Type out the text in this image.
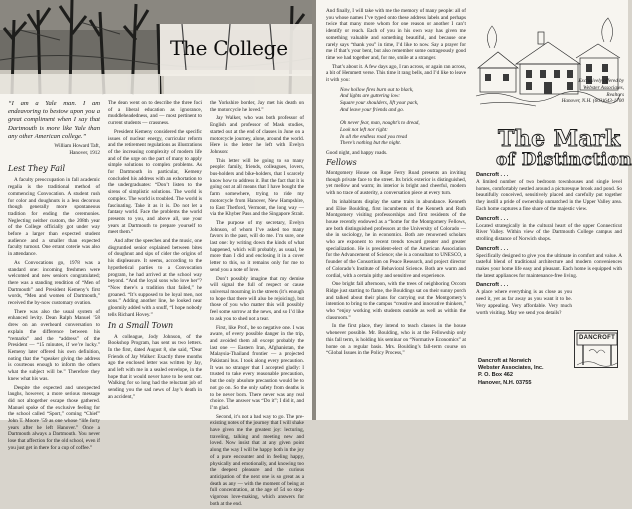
The College
“I am a Yale man. I am endeavoring to bestow upon you a great compliment when I say that Dartmouth is more like Yale than any other American college.”
William Howard Taft,
Hanover, 1912
Lest They Fail

A faculty preoccupation in fall academic regalia is the traditional method of commencing Convocation. A student rush for color and doughnuts is a less decorous though generally more spontaneous tradition for ending the ceremonies. Neglecting neither custom, the 208th year of the College officially got under way before a larger than expected student audience and a smaller than expected faculty turnout. One errant coterie was also in attendance.

As Convocations go, 1978 was a standard one: incoming freshmen were welcomed and new seniors congratulated; there was a standing rendition of “Men of Dartmouth” and President Kemeny’s first words, “Men and women of Dartmouth,” received the by-now customary ovation.

There was also the usual system of enhanced levity. Dean Ralph Manuel ’58 drew on an overheard conversation to explain the difference between his “remarks” and the “address” of the President — “15 minutes, if we’re lucky.” Kemeny later offered his own definition, noting that the “speaker giving the address is courteous enough to inform the others what the subject will be.” Therefore they knew what his was.

Despite the expected and unexpected laughs, however, a more serious message did not altogether escape those gathered. Manuel spoke of the exclusive feeling for the school called “Sport,” coming “Chief” John T. Moore ’59 as one whose “life forty years after he left Hanover.” Once a Dartmouth always a Dartmouth. You never lose that affection for the old school, even if you just get in there for a cup of coffee.”

The dean went on to describe the three foci of a liberal education as ignorance, muddleheadedness, and — most pertinent to current students — crassness.

President Kemeny considered the specific issues of nuclear energy, curricular reform and the retirement regulations as illustrations of the increasing complexity of modern life and of the urge on the part of many to apply simple solutions to complex problems. As for Dartmouth in particular, Kemeny concluded his address with an exhortation to the undergraduates: “Don’t listen to the sirens of simplistic solutions. The world is complex. The world is troubled. The world is fascinating. Take it as it is. Do not let a fantasy world. Face the problems the world presents to you, and above all, use your years at Dartmouth to prepare yourself to meet them.”

And after the speeches and the music, one disgruntled senior explained between bites of doughnut and sips of cider the origins of his displeasure. It seems, according to the hypothetical parties to a Convocation program, he had arrived at the school way beyond. “And the loyal sons who love her”? “Now there’s a tradition that failed,” he groaned. “It’s supposed to be loyal men, not sons.” Adding another line, he looked near gloomily added with a snuff, “I hope nobody tells Richard Hovey.”

In a Small Town

A colleague, Jody Johnson, of the Bookshop Program, has sent us two letters. In the first, dated August 8, she said, “Dear Friends of Jay Walker: Exactly three months ago the enclosed letter was written by Jay, and left with me in a sealed envelope, in the hope that it would never have to be sent out. Walking for so long had the reluctant job of sending you the sad news of Jay’s death in an accident,”

the Yorkshire border, Jay met his death on the motorcycle he loved.”

Jay Walker, who was both professor of English and professor of Mask studies, started out at the end of classes in June on a motorcycle journey, alone, around the world. Here is the letter he left with Evelyn Johnson:

This letter will be going to so many people: family, friends, colleagues, lovers, bus-holders and bike-holders, that I scarcely know how to address it. But the fact that it is going out at all means that I have bought the farm somewhere, trying to ride my motorcycle from Hanover, New Hampshire, to East Thetford, Vermont, the long way — via the Khyber Pass and the Singapore Strait.

The purpose of my secretary, Evelyn Johnson, of whom I’ve asked too many favors in the past, will do me. I’m sure, one last one: by writing down the kinds of what happened, which will probably, as usual, be more than I did and enclosing it in a cover letter to this, so it remains only for me to send you a note of love.

Don’t possibly imagine that my demise will signal the full of respect or cause universal mourning in the streets (it’s enough to hope that there will also be rejoicing), but those of you who matter this will possibly feel some sorrow at the news, and so I’d like to ask you to shed not a tear.

First, like Prof., be so negative one. I was aware, of every possible danger in the trip, and avoided them all except probably the last one — Eastern Iran, Afghanistan, the Malaysia-Thailand frontier — a projected Pakistani bus. I took along every precaution. It was no stranger that I accepted gladly: I trusted to take every reasonable precaution, but the only absolute precaution would be to not go on. So the only safety from deaths is to be never born. There never was any real choice. The answer was “Do it”; I did it, and I’m glad.

Second, it’s not a bad way to go. The pre-existing notes of the journey that I will shake have given me the greatest joy: lecturing, traveling, talking and meeting new and loved. Now insist that at any given point along the way I will be happy both in the joy of a pure encounter and in feeling happy, physically and emotionally, and knowing too the deepest pleasure and the curious anticipation of the next one is so great as a death as any — with the moment of being at full concentration, at the age of 54 so stop-vigorous love-making, which answers for both at the end.

And finally, I will take with me the memory of many people: all of you whose names I’ve typed onto these address labels and perhaps twice that many more whom for one reason or another I can’t identify or reach. Each of you in his own way has given me something valuable and something beautiful, and because one rarely says “thank you” in time, I’d like to now. Say a prayer for me if that’s your bent, but also remember some outrageously good time we had together and, for me, smile at a stranger.

That’s about it. A few days ago, I ran across, or again ran across, a bit of Hemmett verse. This time it rang bells, and I’d like to leave it with you:

Now hollow fires burn out to black,
And lights are guttering low:
Square your shoulders, lift your pack,
And leave your friends and go.

Oh never fear, man, nought’s to dread,
Look not left nor right:
In all the endless road you tread
There’s nothing but the night.

Good night, and happy roads.

Fellows

Montgomery House on Rope Ferry Road presents an inviting though private face to the street. Its brick exterior is distinguished, yet mellow and warm; its interior is bright and cheerful, modern with no trace of austerity, a conversation piece at every turn.

Its inhabitants display the same traits in abundance. Kenneth and Elise Boulding, first incumbents of the Kenneth and Ruth Montgomery visiting professorships and first residents of the house recently endowed as a “home for the Montgomery Fellows, are both distinguished professors at the University of Colorado — she in sociology, he in economics. Both are renowned scholars who are exponent to recent trends toward greater and greater specialization. He is president-elect of the American Association for the Advancement of Science; she is a consultant to UNESCO, a founder of the Consortium on Peace Research, and project director of Colorado’s Institute of Behavioral Science. Both are warm and cordial, with a certain pithy and sensitive and experience.

One bright fall afternoon, with the trees of neighboring Occom Ridge just starting to flame, the Bouldings sat on their sunny porch and talked about their plans for carrying out the Montgomery’s intention to bring to the campus “creative and innovative thinkers,” who “enjoy working with students outside as well as within the classroom.”

In the first place, they intend to teach classes in the house whenever possible. Mr. Boulding, who is at the Fellowship only this fall term, is holding his seminar on “Normative Economics” at home on a regular basis. Mrs. Boulding’s fall-term course on “Global Issues in the Policy Process,”

Exclusively offered by
Webster Associates,
Realtors
Hanover, N.H. (603)643-1700
The Mark
of Distinction
Dancroft . . .
A limited number of two bedroom townhouses and single level homes, comfortably nestled around a picturesque brook and pond. So beautifully conceived, sensitively placed and carefully put together they instill a pride of ownership unmatched in the Upper Valley area. Each home captures a fine share of the majestic view.
Dancroft . . .
Located strategically in the cultural heart of the upper Connecticut River Valley. Within view of the Dartmouth College campus and strolling distance of Norwich shops.
Dancroft . . .
Specifically designed to give you the ultimate in comfort and value. A tasteful blend of traditional architecture and modern conveniences makes your home life easy and pleasant. Each home is equipped with the latest appliances for maintenance-free living.
Dancroft . . .
A place where everything is as close as you need it, yet as far away as you want it to be. Very appealing. Very affordable. Very much worth visiting. May we send you details?
DANCROFT
Dancroft at Norwich
Webster Associates, Inc.
P. O. Box 462
Hanover, N.H. 03755
